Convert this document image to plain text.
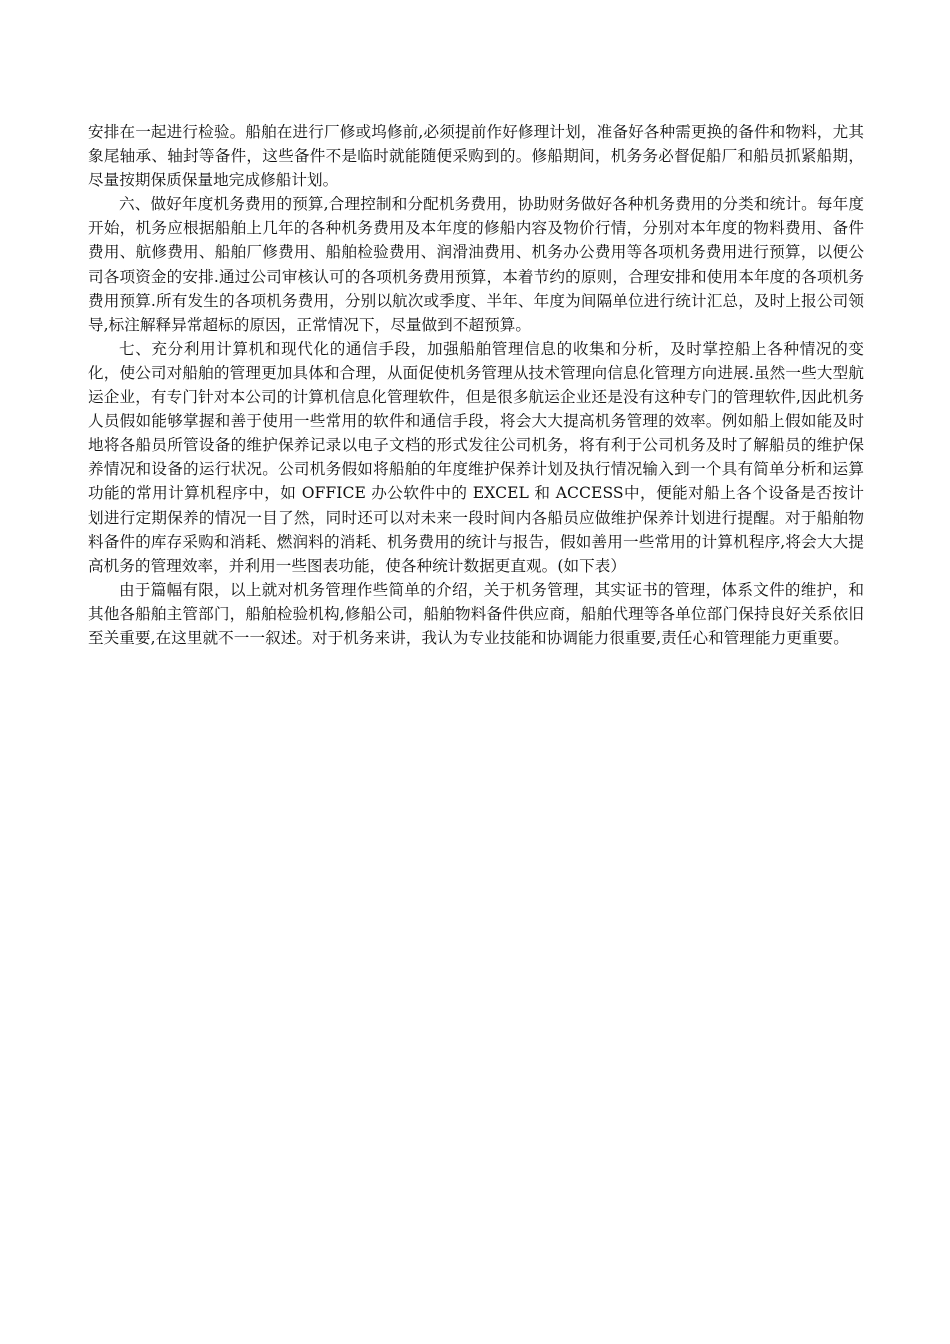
安排在一起进行检验。船舶在进行厂修或坞修前,必须提前作好修理计划，准备好各种需更换的备件和物料，尤其象尾轴承、轴封等备件，这些备件不是临时就能随便采购到的。修船期间，机务务必督促船厂和船员抓紧船期，尽量按期保质保量地完成修船计划。

六、做好年度机务费用的预算,合理控制和分配机务费用，协助财务做好各种机务费用的分类和统计。每年度开始，机务应根据船舶上几年的各种机务费用及本年度的修船内容及物价行情，分别对本年度的物料费用、备件费用、航修费用、船舶厂修费用、船舶检验费用、润滑油费用、机务办公费用等各项机务费用进行预算，以便公司各项资金的安排.通过公司审核认可的各项机务费用预算，本着节约的原则，合理安排和使用本年度的各项机务费用预算.所有发生的各项机务费用，分别以航次或季度、半年、年度为间隔单位进行统计汇总，及时上报公司领导,标注解释异常超标的原因，正常情况下，尽量做到不超预算。

七、充分利用计算机和现代化的通信手段，加强船舶管理信息的收集和分析，及时掌控船上各种情况的变化，使公司对船舶的管理更加具体和合理，从面促使机务管理从技术管理向信息化管理方向进展.虽然一些大型航运企业，有专门针对本公司的计算机信息化管理软件，但是很多航运企业还是没有这种专门的管理软件,因此机务人员假如能够掌握和善于使用一些常用的软件和通信手段，将会大大提高机务管理的效率。例如船上假如能及时地将各船员所管设备的维护保养记录以电子文档的形式发往公司机务，将有利于公司机务及时了解船员的维护保养情况和设备的运行状况。公司机务假如将船舶的年度维护保养计划及执行情况输入到一个具有简单分析和运算功能的常用计算机程序中，如 OFFICE 办公软件中的 EXCEL 和 ACCESS中，便能对船上各个设备是否按计划进行定期保养的情况一目了然，同时还可以对未来一段时间内各船员应做维护保养计划进行提醒。对于船舶物料备件的库存采购和消耗、燃润料的消耗、机务费用的统计与报告，假如善用一些常用的计算机程序,将会大大提高机务的管理效率，并利用一些图表功能，使各种统计数据更直观。(如下表）

由于篇幅有限，以上就对机务管理作些简单的介绍，关于机务管理，其实证书的管理，体系文件的维护，和其他各船舶主管部门，船舶检验机构,修船公司，船舶物料备件供应商，船舶代理等各单位部门保持良好关系依旧至关重要,在这里就不一一叙述。对于机务来讲，我认为专业技能和协调能力很重要,责任心和管理能力更重要。
